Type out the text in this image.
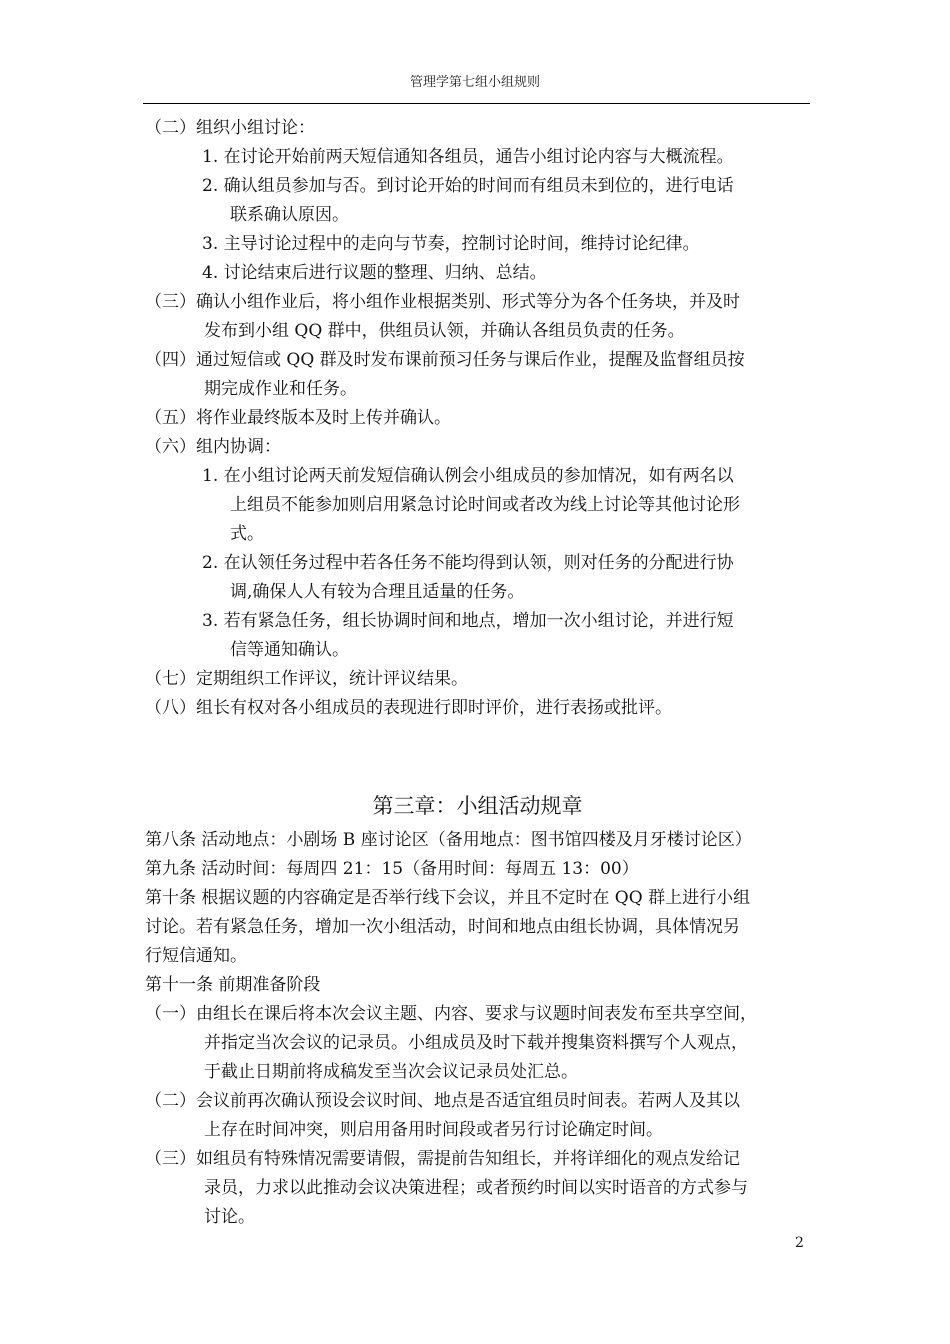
管理学第七组小组规则
（二）组织小组讨论：
1. 在讨论开始前两天短信通知各组员，通告小组讨论内容与大概流程。
2. 确认组员参加与否。到讨论开始的时间而有组员未到位的，进行电话
联系确认原因。
3. 主导讨论过程中的走向与节奏，控制讨论时间，维持讨论纪律。
4. 讨论结束后进行议题的整理、归纳、总结。
（三）确认小组作业后，将小组作业根据类别、形式等分为各个任务块，并及时
发布到小组 QQ 群中，供组员认领，并确认各组员负责的任务。
（四）通过短信或 QQ 群及时发布课前预习任务与课后作业，提醒及监督组员按
期完成作业和任务。
（五）将作业最终版本及时上传并确认。
（六）组内协调：
1. 在小组讨论两天前发短信确认例会小组成员的参加情况，如有两名以
上组员不能参加则启用紧急讨论时间或者改为线上讨论等其他讨论形
式。
2. 在认领任务过程中若各任务不能均得到认领，则对任务的分配进行协
调,确保人人有较为合理且适量的任务。
3. 若有紧急任务，组长协调时间和地点，增加一次小组讨论，并进行短
信等通知确认。
（七）定期组织工作评议，统计评议结果。
（八）组长有权对各小组成员的表现进行即时评价，进行表扬或批评。
第三章：小组活动规章
第八条 活动地点：小剧场 B 座讨论区（备用地点：图书馆四楼及月牙楼讨论区）
第九条 活动时间：每周四 21：15（备用时间：每周五 13：00）
第十条 根据议题的内容确定是否举行线下会议，并且不定时在 QQ 群上进行小组
讨论。若有紧急任务，增加一次小组活动，时间和地点由组长协调，具体情况另
行短信通知。
第十一条 前期准备阶段
（一）由组长在课后将本次会议主题、内容、要求与议题时间表发布至共享空间，
并指定当次会议的记录员。小组成员及时下载并搜集资料撰写个人观点，
于截止日期前将成稿发至当次会议记录员处汇总。
（二）会议前再次确认预设会议时间、地点是否适宜组员时间表。若两人及其以
上存在时间冲突，则启用备用时间段或者另行讨论确定时间。
（三）如组员有特殊情况需要请假，需提前告知组长，并将详细化的观点发给记
录员，力求以此推动会议决策进程；或者预约时间以实时语音的方式参与
讨论。
2
